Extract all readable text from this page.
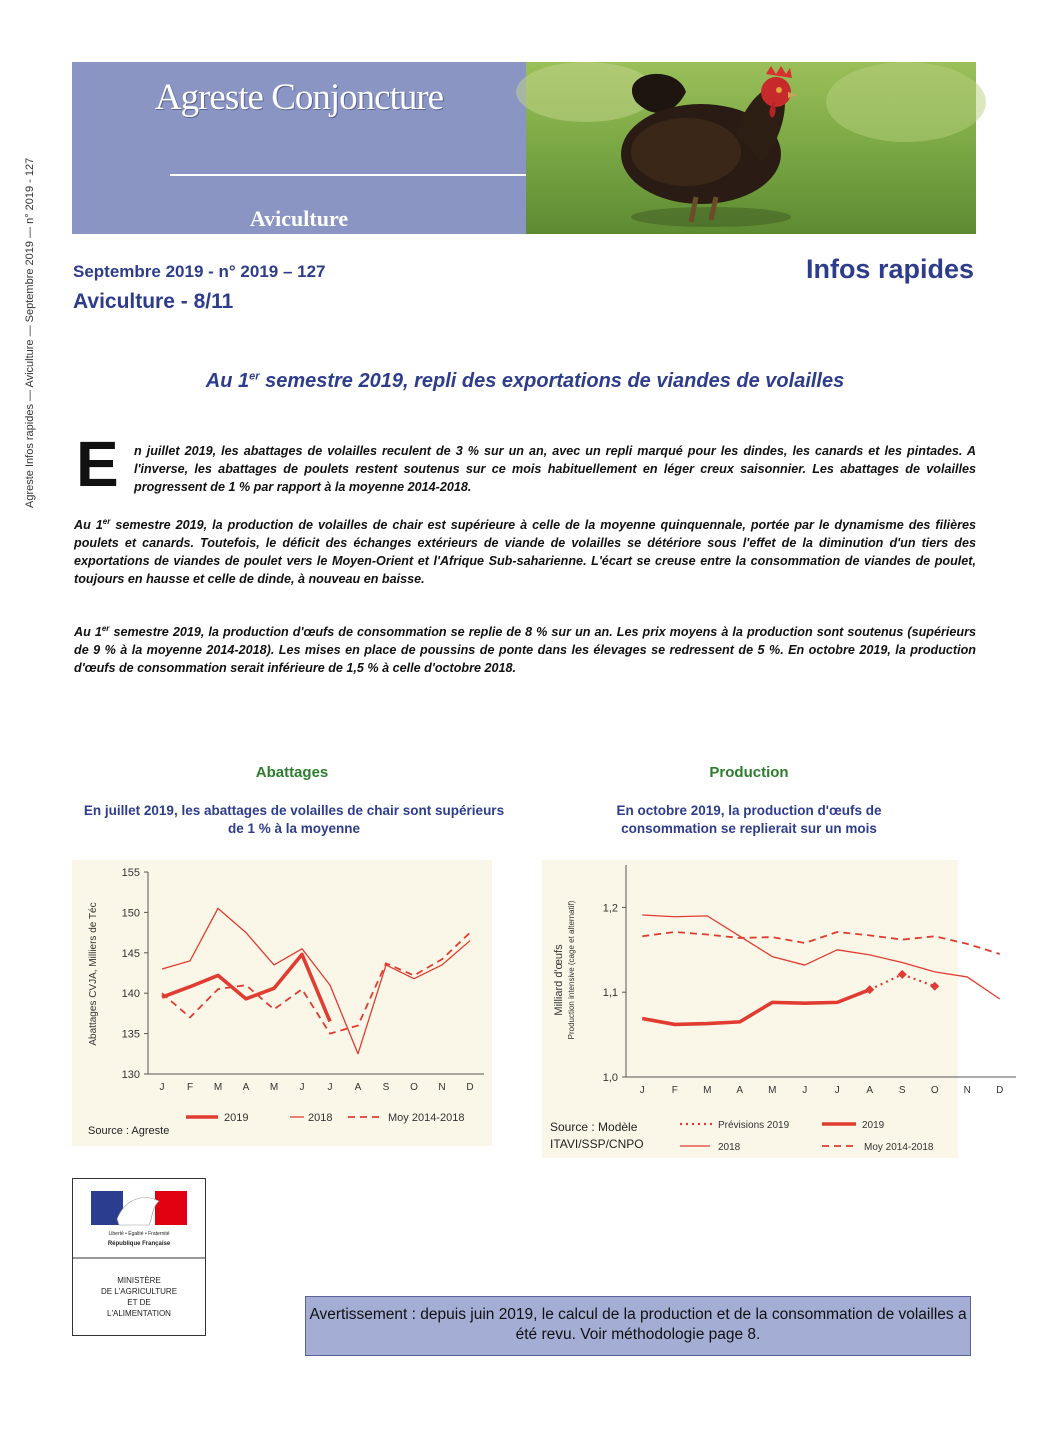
Agreste Infos rapides — Aviculture — Septembre 2019 — n° 2019 - 127
Agreste Conjoncture
Aviculture
Septembre 2019 - n° 2019 – 127
Aviculture - 8/11
Infos rapides
Au 1er semestre 2019, repli des exportations de viandes de volailles
E n juillet 2019, les abattages de volailles reculent de 3 % sur un an, avec un repli marqué pour les dindes, les canards et les pintades. A l'inverse, les abattages de poulets restent soutenus sur ce mois habituellement en léger creux saisonnier. Les abattages de volailles progressent de 1 % par rapport à la moyenne 2014-2018.
Au 1er semestre 2019, la production de volailles de chair est supérieure à celle de la moyenne quinquennale, portée par le dynamisme des filières poulets et canards. Toutefois, le déficit des échanges extérieurs de viande de volailles se détériore sous l'effet de la diminution d'un tiers des exportations de viandes de poulet vers le Moyen-Orient et l'Afrique Sub-saharienne. L'écart se creuse entre la consommation de viandes de poulet, toujours en hausse et celle de dinde, à nouveau en baisse.
Au 1er semestre 2019, la production d'œufs de consommation se replie de 8 % sur un an. Les prix moyens à la production sont soutenus (supérieurs de 9 % à la moyenne 2014-2018). Les mises en place de poussins de ponte dans les élevages se redressent de 5 %. En octobre 2019, la production d'œufs de consommation serait inférieure de 1,5 % à celle d'octobre 2018.
Abattages
En juillet 2019, les abattages de volailles de chair sont supérieurs de 1 % à la moyenne
130
135
140
145
150
155
J F M A M J J A S O N D
Abattages CVJA, Milliers de Téc
2019	2018	Moy 2014-2018
Source : Agreste
Production
En octobre 2019, la production d'œufs de consommation se replierait sur un mois
1,0
1,1
1,2
J	F	M A M	J	J	A	S	O N	D
Milliard d'œufs Production intensive (cage et alternatif)
Prévisions 2019	2019
2018	Moy 2014-2018
Source : Modèle
ITAVI/SSP/CNPO
Liberté • Égalité • Fraternité
République Française
MINISTÈRE
DE L'AGRICULTURE
ET DE
L'ALIMENTATION	Avertissement : depuis juin 2019, le calcul de la production et de la consommation de volailles a été revu. Voir méthodologie page 8.
